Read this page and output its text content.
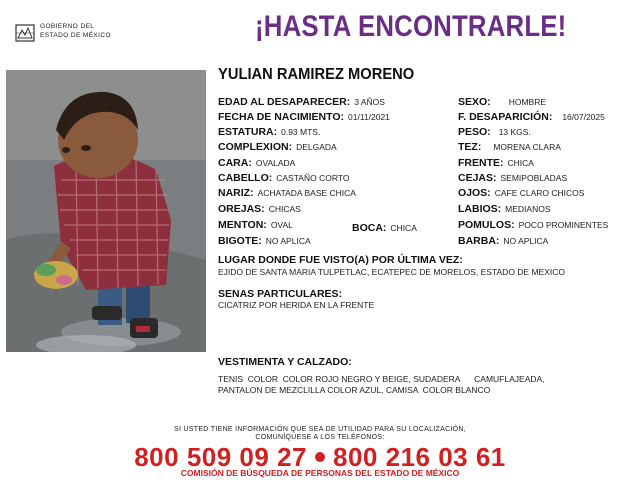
GOBIERNO DEL
ESTADO DE MÉXICO	¡HASTA ENCONTRARLE!
YULIAN RAMIREZ MORENO
EDAD AL DESAPARECER: 3 AÑOS
FECHA DE NACIMIENTO: 01/11/2021
ESTATURA: 0.93 MTS.
COMPLEXION: DELGADA
CARA: OVALADA
CABELLO: CASTAÑO CORTO
NARIZ: ACHATADA BASE CHICA
OREJAS: CHICAS
MENTON: OVAL	BOCA: CHICA
BIGOTE: NO APLICA
SEXO: HOMBRE
F. DESAPARICIÓN: 16/07/2025
PESO: 13 KGS.
TEZ: MORENA CLARA
FRENTE: CHICA
CEJAS: SEMIPOBLADAS
OJOS: CAFE CLARO CHICOS
LABIOS: MEDIANOS
POMULOS: POCO PROMINENTES
BARBA: NO APLICA
LUGAR DONDE FUE VISTO(A) POR ÚLTIMA VEZ:
EJIDO DE SANTA MARIA TULPETLAC, ECATEPEC DE MORELOS, ESTADO DE MEXICO
SENAS PARTICULARES:
CICATRIZ POR HERIDA EN LA FRENTE
VESTIMENTA Y CALZADO:
TENIS  COLOR  COLOR ROJO NEGRO Y BEIGE, SUDADERA      CAMUFLAJEADA,
PANTALON DE MEZCLILLA COLOR AZUL, CAMISA  COLOR BLANCO
SI USTED TIENE INFORMACIÓN QUE SEA DE UTILIDAD PARA SU LOCALIZACIÓN,
COMUNÍQUESE A LOS TELÉFONOS:
800 509 09 27 800 216 03 61
COMISIÓN DE BÚSQUEDA DE PERSONAS DEL ESTADO DE MÉXICO
